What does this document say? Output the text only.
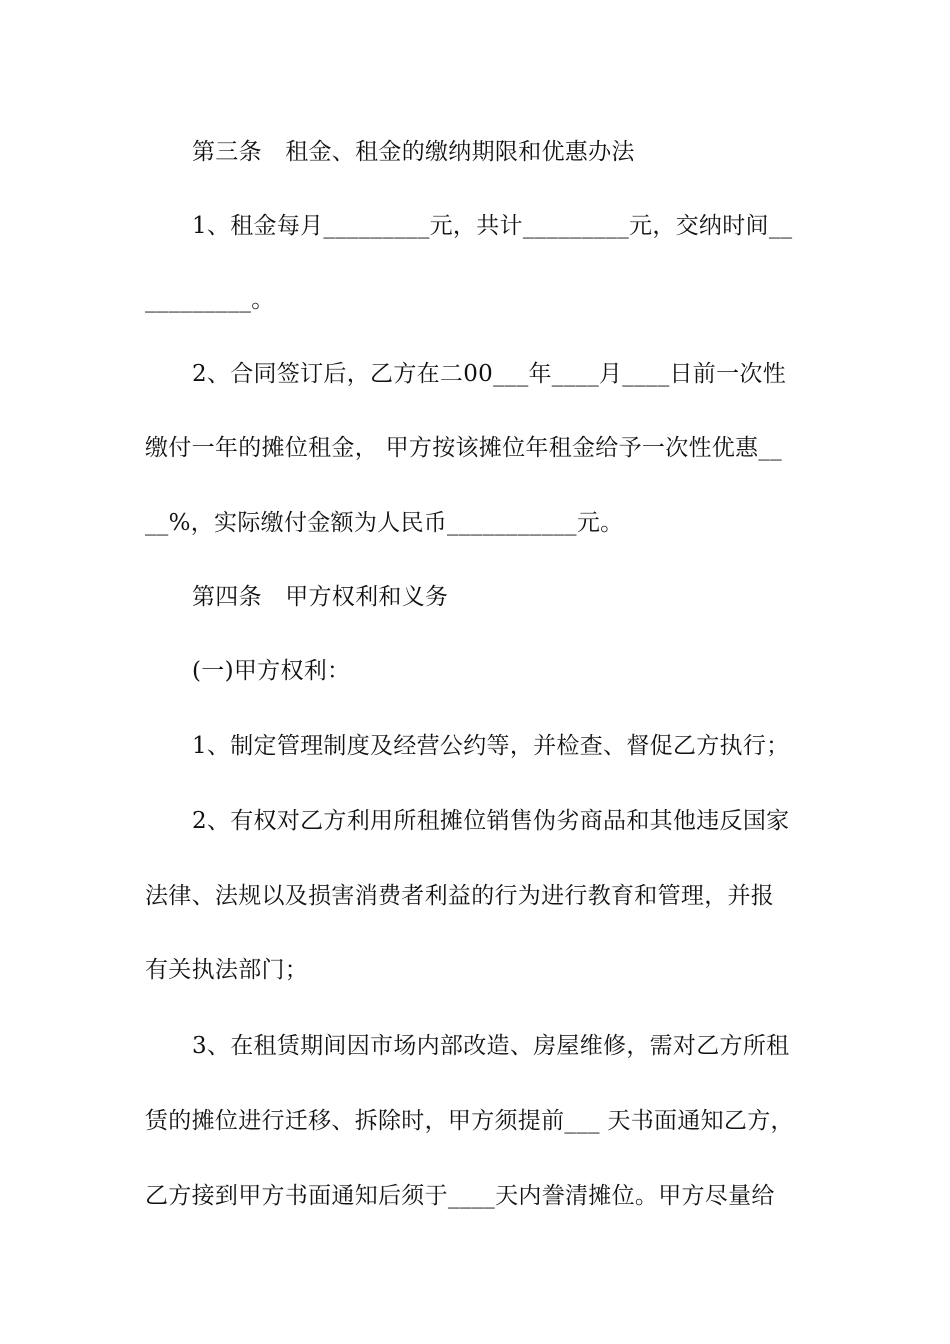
第三条　租金、租金的缴纳期限和优惠办法
1、租金每月_________元，共计_________元，交纳时间__
_________。
2、合同签订后，乙方在二00___年____月____日前一次性
缴付一年的摊位租金， 甲方按该摊位年租金给予一次性优惠__
__%，实际缴付金额为人民币___________元。
第四条　甲方权利和义务
(一)甲方权利：
1、制定管理制度及经营公约等，并检查、督促乙方执行；
2、有权对乙方利用所租摊位销售伪劣商品和其他违反国家
法律、法规以及损害消费者利益的行为进行教育和管理，并报
有关执法部门；
3、在租赁期间因市场内部改造、房屋维修，需对乙方所租
赁的摊位进行迁移、拆除时，甲方须提前___ 天书面通知乙方，
乙方接到甲方书面通知后须于____天内誊清摊位。甲方尽量给
